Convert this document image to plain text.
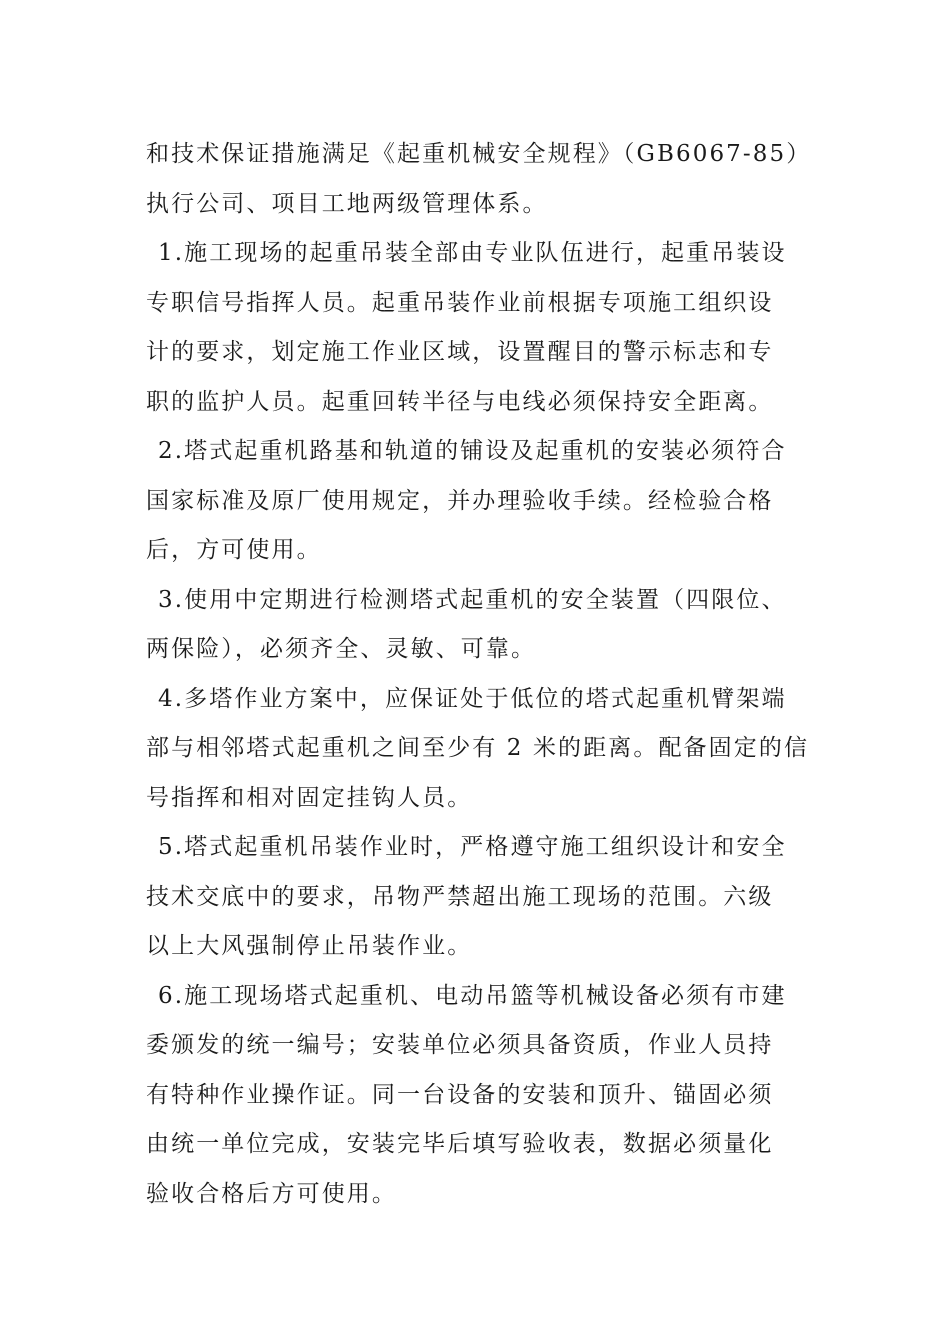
和技术保证措施满足《起重机械安全规程》（GB6067-85）
执行公司、项目工地两级管理体系。
1.施工现场的起重吊装全部由专业队伍进行，起重吊装设
专职信号指挥人员。起重吊装作业前根据专项施工组织设
计的要求，划定施工作业区域，设置醒目的警示标志和专
职的监护人员。起重回转半径与电线必须保持安全距离。
2.塔式起重机路基和轨道的铺设及起重机的安装必须符合
国家标准及原厂使用规定，并办理验收手续。经检验合格
后，方可使用。
3.使用中定期进行检测塔式起重机的安全装置（四限位、
两保险），必须齐全、灵敏、可靠。
4.多塔作业方案中，应保证处于低位的塔式起重机臂架端
部与相邻塔式起重机之间至少有 2 米的距离。配备固定的信
号指挥和相对固定挂钩人员。
5.塔式起重机吊装作业时，严格遵守施工组织设计和安全
技术交底中的要求，吊物严禁超出施工现场的范围。六级
以上大风强制停止吊装作业。
6.施工现场塔式起重机、电动吊篮等机械设备必须有市建
委颁发的统一编号；安装单位必须具备资质，作业人员持
有特种作业操作证。同一台设备的安装和顶升、锚固必须
由统一单位完成，安装完毕后填写验收表，数据必须量化
验收合格后方可使用。
